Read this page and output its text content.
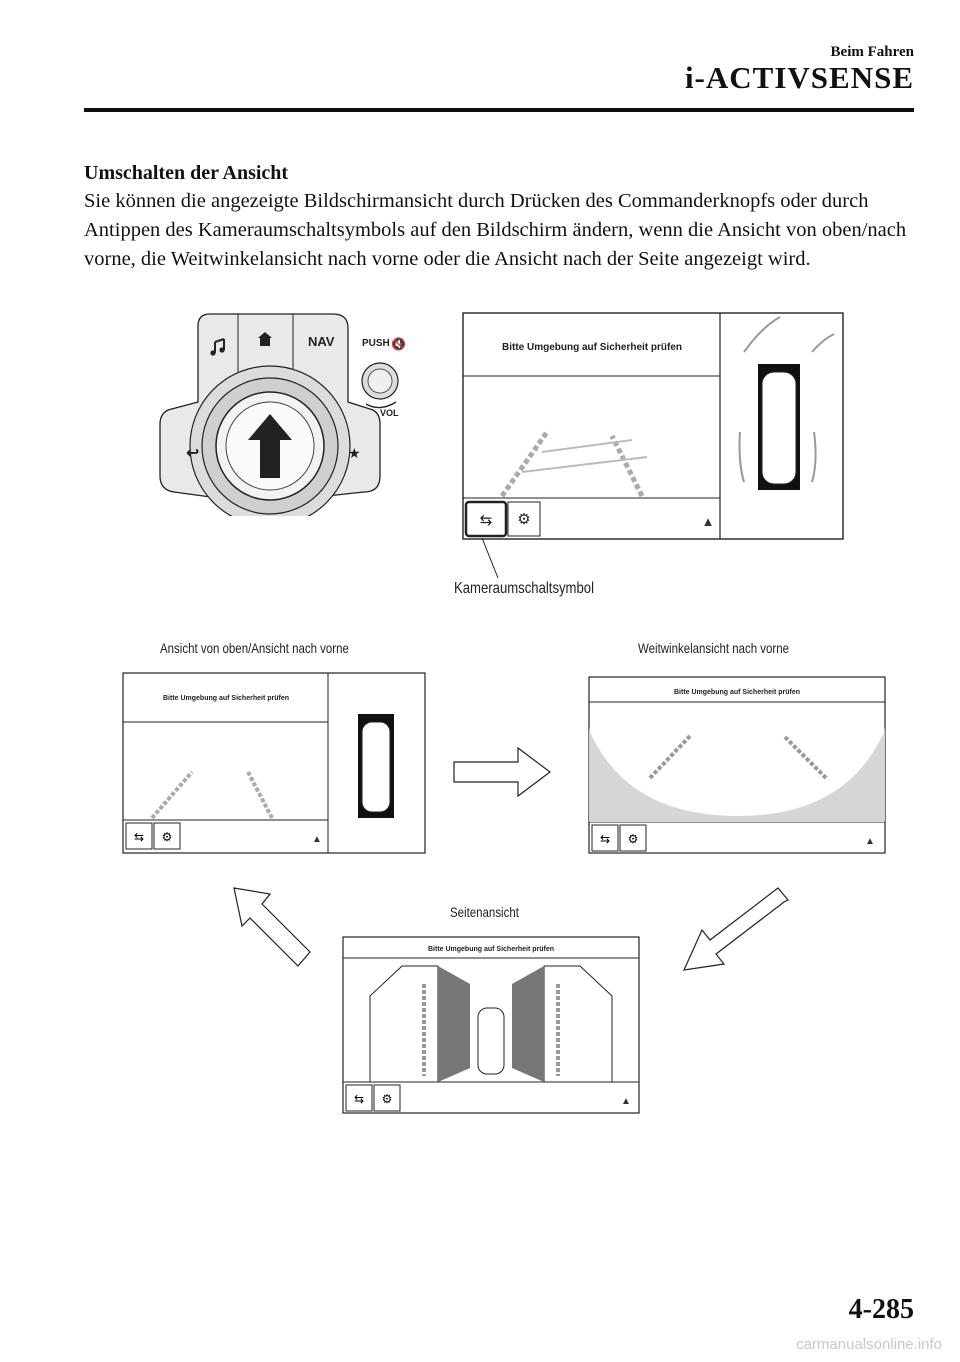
Beim Fahren
i-ACTIVSENSE
Umschalten der Ansicht
Sie können die angezeigte Bildschirmansicht durch Drücken des Commanderknopfs oder durch Antippen des Kameraumschaltsymbols auf den Bildschirm ändern, wenn die Ansicht von oben/nach vorne, die Weitwinkelansicht nach vorne oder die Ansicht nach der Seite angezeigt wird.
NAV
↩	★
PUSH 🔇
VOL
Bitte Umgebung auf Sicherheit prüfen
⇆ ⚙	▲
Kameraumschaltsymbol
Ansicht von oben/Ansicht nach vorne	Weitwinkelansicht nach vorne
Seitenansicht
Bitte Umgebung auf Sicherheit prüfen
⇆ ⚙	▲
Bitte Umgebung auf Sicherheit prüfen
⇆ ⚙	▲
Bitte Umgebung auf Sicherheit prüfen
⇆ ⚙	▲
4-285
carmanualsonline.info
